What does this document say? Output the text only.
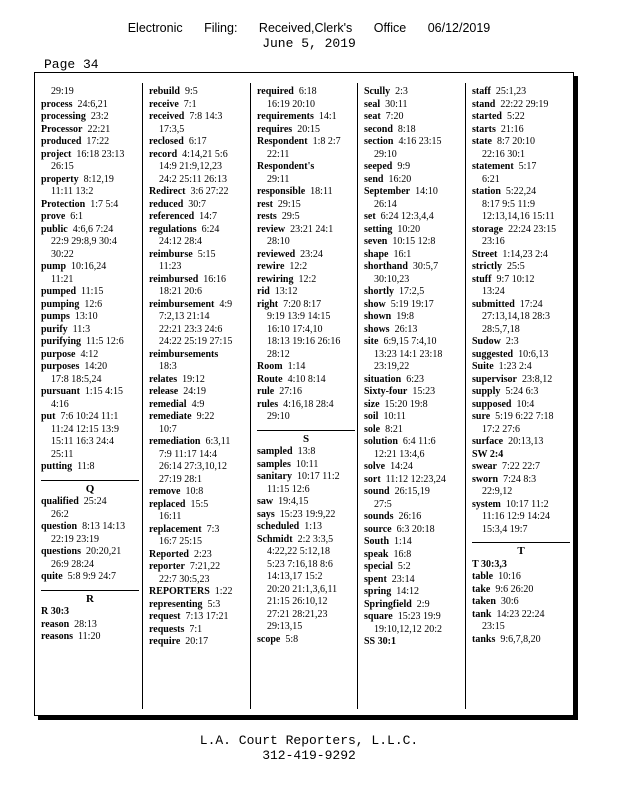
Electronic Filing: Received,Clerk's Office 06/12/2019
June 5, 2019
Page 34
29:19
process  24:6,21
processing  23:2
Processor  22:21
produced  17:22
project  16:18 23:13
26:15
property  8:12,19
11:11 13:2
Protection  1:7 5:4
prove  6:1
public  4:6,6 7:24
22:9 29:8,9 30:4
30:22
pump  10:16,24
11:21
pumped  11:15
pumping  12:6
pumps  13:10
purify  11:3
purifying  11:5 12:6
purpose  4:12
purposes  14:20
17:8 18:5,24
pursuant  1:15 4:15
4:16
put  7:6 10:24 11:1
11:24 12:15 13:9
15:11 16:3 24:4
25:11
putting  11:8
Q
qualified  25:24
26:2
question  8:13 14:13
22:19 23:19
questions  20:20,21
26:9 28:24
quite  5:8 9:9 24:7
R
R 30:3
reason  28:13
reasons  11:20
rebuild  9:5
receive  7:1
received  7:8 14:3
17:3,5
reclosed  6:17
record  4:14,21 5:6
14:9 21:9,12,23
24:2 25:11 26:13
Redirect  3:6 27:22
reduced  30:7
referenced  14:7
regulations  6:24
24:12 28:4
reimburse  5:15
11:23
reimbursed  16:16
18:21 20:6
reimbursement  4:9
7:2,13 21:14
22:21 23:3 24:6
24:22 25:19 27:15
reimbursements
18:3
relates  19:12
release  24:19
remedial  4:9
remediate  9:22
10:7
remediation  6:3,11
7:9 11:17 14:4
26:14 27:3,10,12
27:19 28:1
remove  10:8
replaced  15:5
16:11
replacement  7:3
16:7 25:15
Reported  2:23
reporter  7:21,22
22:7 30:5,23
REPORTERS  1:22
representing  5:3
request  7:13 17:21
requests  7:1
require  20:17
required  6:18
16:19 20:10
requirements  14:1
requires  20:15
Respondent  1:8 2:7
22:11
Respondent's
29:11
responsible  18:11
rest  29:15
rests  29:5
review  23:21 24:1
28:10
reviewed  23:24
rewire  12:2
rewiring  12:2
rid  13:12
right  7:20 8:17
9:19 13:9 14:15
16:10 17:4,10
18:13 19:16 26:16
28:12
Room  1:14
Route  4:10 8:14
rule  27:16
rules  4:16,18 28:4
29:10
S
sampled  13:8
samples  10:11
sanitary  10:17 11:2
11:15 12:6
saw  19:4,15
says  15:23 19:9,22
scheduled  1:13
Schmidt  2:2 3:3,5
4:22,22 5:12,18
5:23 7:16,18 8:6
14:13,17 15:2
20:20 21:1,3,6,11
21:15 26:10,12
27:21 28:21,23
29:13,15
scope  5:8
Scully  2:3
seal  30:11
seat  7:20
second  8:18
section  4:16 23:15
29:10
seeped  9:9
send  16:20
September  14:10
26:14
set  6:24 12:3,4,4
setting  10:20
seven  10:15 12:8
shape  16:1
shorthand  30:5,7
30:10,23
shortly  17:2,5
show  5:19 19:17
shown  19:8
shows  26:13
site  6:9,15 7:4,10
13:23 14:1 23:18
23:19,22
situation  6:23
Sixty-four  15:23
size  15:20 19:8
soil  10:11
sole  8:21
solution  6:4 11:6
12:21 13:4,6
solve  14:24
sort  11:12 12:23,24
sound  26:15,19
27:5
sounds  26:16
source  6:3 20:18
South  1:14
speak  16:8
special  5:2
spent  23:14
spring  14:12
Springfield  2:9
square  15:23 19:9
19:10,12,12 20:2
SS 30:1
staff  25:1,23
stand  22:22 29:19
started  5:22
starts  21:16
state  8:7 20:10
22:16 30:1
statement  5:17
6:21
station  5:22,24
8:17 9:5 11:9
12:13,14,16 15:11
storage  22:24 23:15
23:16
Street  1:14,23 2:4
strictly  25:5
stuff  9:7 10:12
13:24
submitted  17:24
27:13,14,18 28:3
28:5,7,18
Sudow  2:3
suggested  10:6,13
Suite  1:23 2:4
supervisor  23:8,12
supply  5:24 6:3
supposed  10:4
sure  5:19 6:22 7:18
17:2 27:6
surface  20:13,13
SW 2:4
swear  7:22 22:7
sworn  7:24 8:3
22:9,12
system  10:17 11:2
11:16 12:9 14:24
15:3,4 19:7
T
T 30:3,3
table  10:16
take  9:6 26:20
taken  30:6
tank  14:23 22:24
23:15
tanks  9:6,7,8,20
L.A. Court Reporters, L.L.C.
312-419-9292
